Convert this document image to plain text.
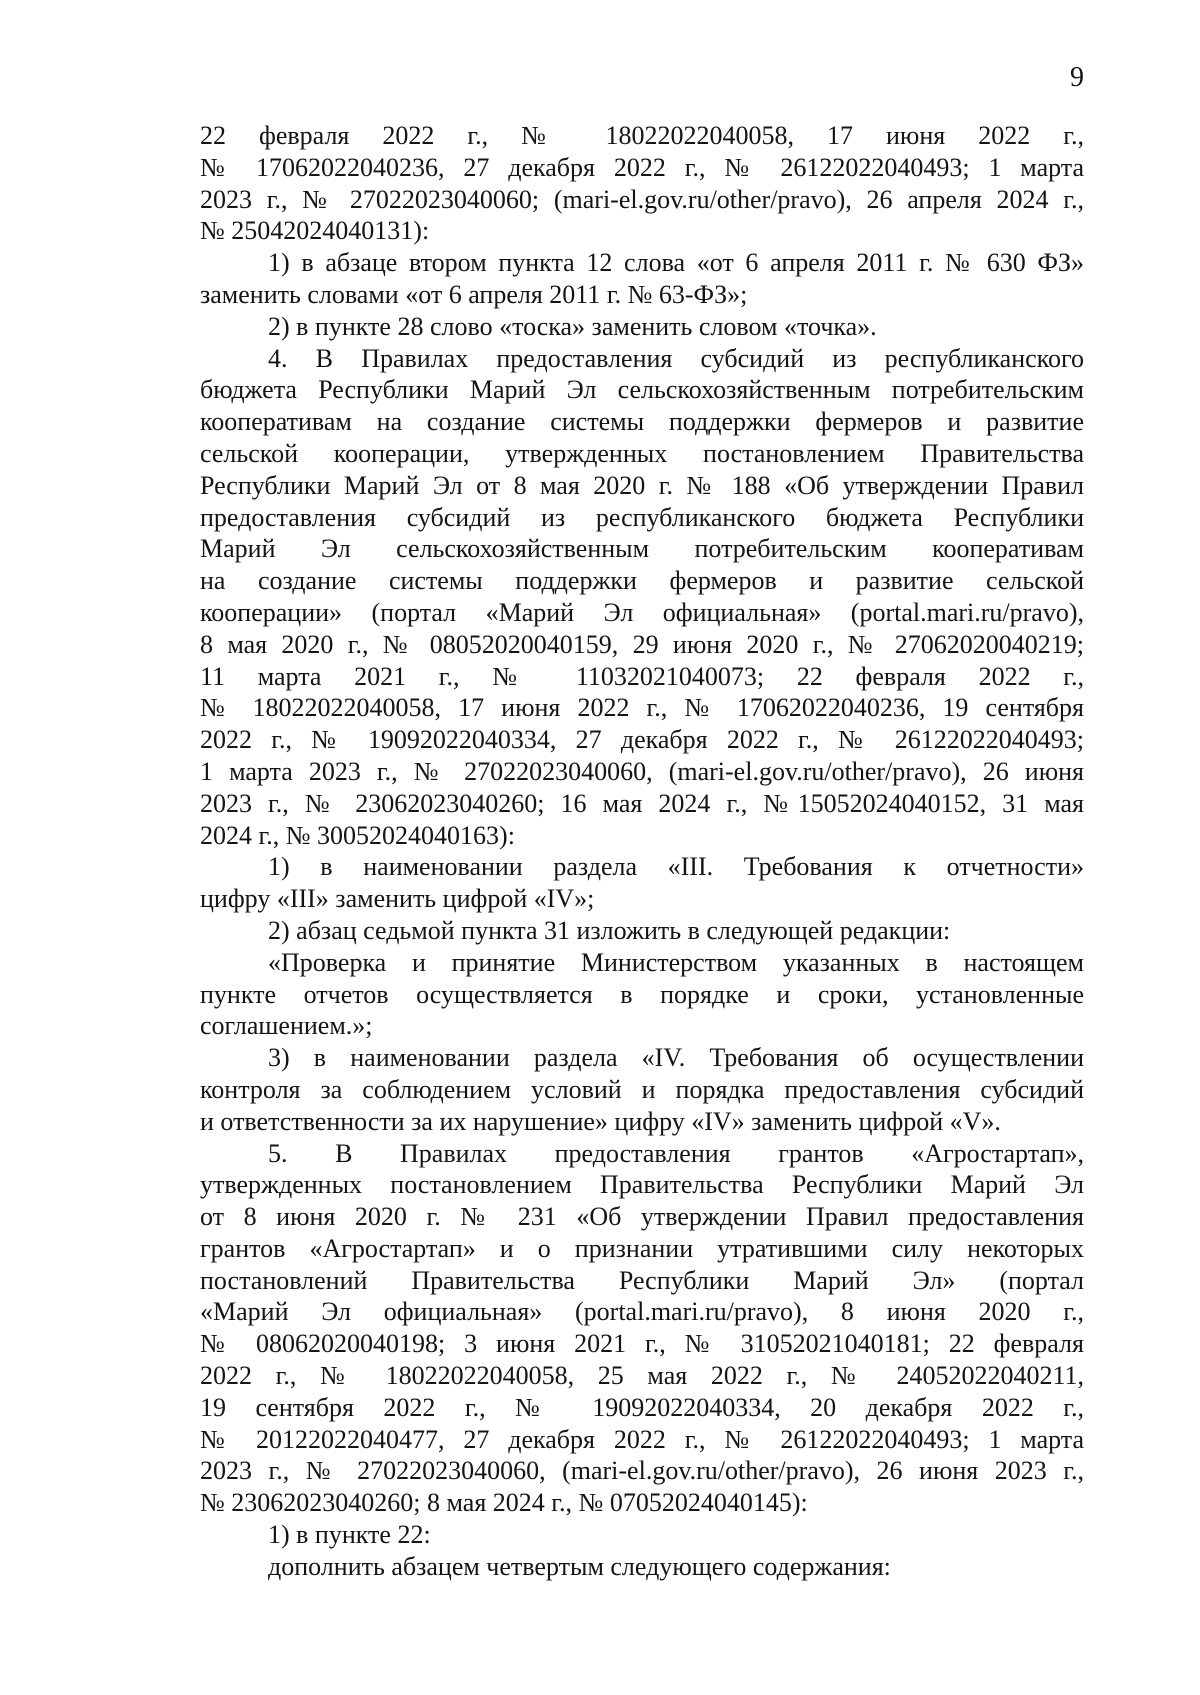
9
22 февраля 2022 г., № 18022022040058, 17 июня 2022 г.,
№ 17062022040236, 27 декабря 2022 г., № 26122022040493; 1 марта
2023 г., № 27022023040060; (mari-el.gov.ru/other/pravo), 26 апреля 2024 г.,
№ 25042024040131):
1) в абзаце втором пункта 12 слова «от 6 апреля 2011 г. № 630 ФЗ»
заменить словами «от 6 апреля 2011 г. № 63-ФЗ»;
2) в пункте 28 слово «тоска» заменить словом «точка».
4. В Правилах предоставления субсидий из республиканского
бюджета Республики Марий Эл сельскохозяйственным потребительским
кооперативам на создание системы поддержки фермеров и развитие
сельской кооперации, утвержденных постановлением Правительства
Республики Марий Эл от 8 мая 2020 г. № 188 «Об утверждении Правил
предоставления субсидий из республиканского бюджета Республики
Марий Эл сельскохозяйственным потребительским кооперативам
на создание системы поддержки фермеров и развитие сельской
кооперации» (портал «Марий Эл официальная» (portal.mari.ru/pravo),
8 мая 2020 г., № 08052020040159, 29 июня 2020 г., № 27062020040219;
11 марта 2021 г., № 11032021040073; 22 февраля 2022 г.,
№ 18022022040058, 17 июня 2022 г., № 17062022040236, 19 сентября
2022 г., № 19092022040334, 27 декабря 2022 г., № 26122022040493;
1 марта 2023 г., № 27022023040060, (mari-el.gov.ru/other/pravo), 26 июня
2023 г., № 23062023040260; 16 мая 2024 г., №15052024040152, 31 мая
2024 г., № 30052024040163):
1) в наименовании раздела «III. Требования к отчетности»
цифру «III» заменить цифрой «IV»;
2) абзац седьмой пункта 31 изложить в следующей редакции:
«Проверка и принятие Министерством указанных в настоящем
пункте отчетов осуществляется в порядке и сроки, установленные
соглашением.»;
3) в наименовании раздела «IV. Требования об осуществлении
контроля за соблюдением условий и порядка предоставления субсидий
и ответственности за их нарушение» цифру «IV» заменить цифрой «V».
5. В Правилах предоставления грантов «Агростартап»,
утвержденных постановлением Правительства Республики Марий Эл
от 8 июня 2020 г. № 231 «Об утверждении Правил предоставления
грантов «Агростартап» и о признании утратившими силу некоторых
постановлений Правительства Республики Марий Эл» (портал
«Марий Эл официальная» (portal.mari.ru/pravo), 8 июня 2020 г.,
№ 08062020040198; 3 июня 2021 г., № 31052021040181; 22 февраля
2022 г., № 18022022040058, 25 мая 2022 г., № 24052022040211,
19 сентября 2022 г., № 19092022040334, 20 декабря 2022 г.,
№ 20122022040477, 27 декабря 2022 г., № 26122022040493; 1 марта
2023 г., № 27022023040060, (mari-el.gov.ru/other/pravo), 26 июня 2023 г.,
№ 23062023040260; 8 мая 2024 г., № 07052024040145):
1) в пункте 22:
дополнить абзацем четвертым следующего содержания:
